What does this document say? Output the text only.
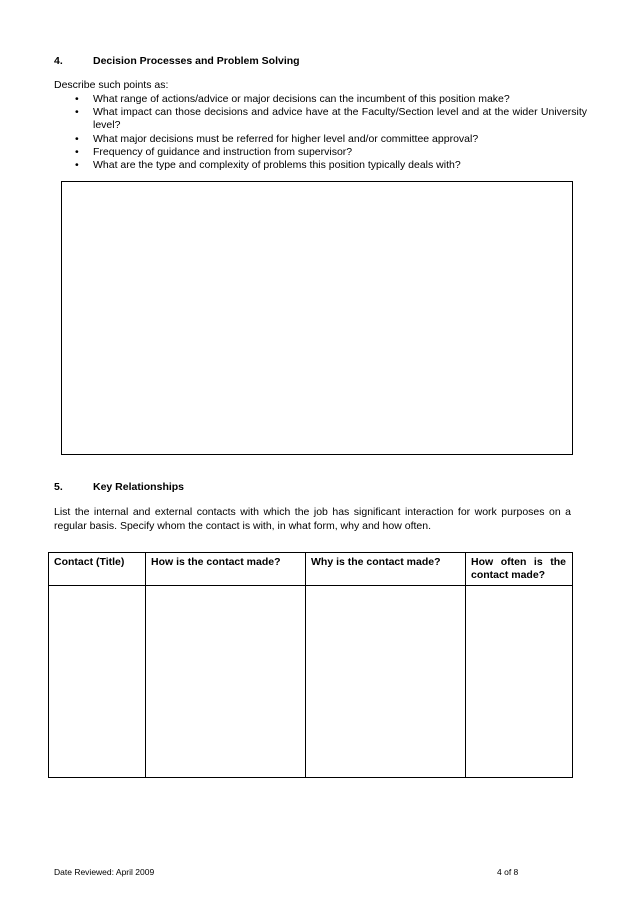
4.	Decision Processes and Problem Solving
Describe such points as:
• What range of actions/advice or major decisions can the incumbent of this position make?
• What impact can those decisions and advice have at the Faculty/Section level and at the wider University level?
• What major decisions must be referred for higher level and/or committee approval?
• Frequency of guidance and instruction from supervisor?
• What are the type and complexity of problems this position typically deals with?
5.	Key Relationships
List the internal and external contacts with which the job has significant interaction for work purposes on a regular basis. Specify whom the contact is with, in what form, why and how often.
Contact (Title)	How is the contact made?	Why is the contact made?	How often is the contact made?

Date Reviewed: April 2009	4 of 8
